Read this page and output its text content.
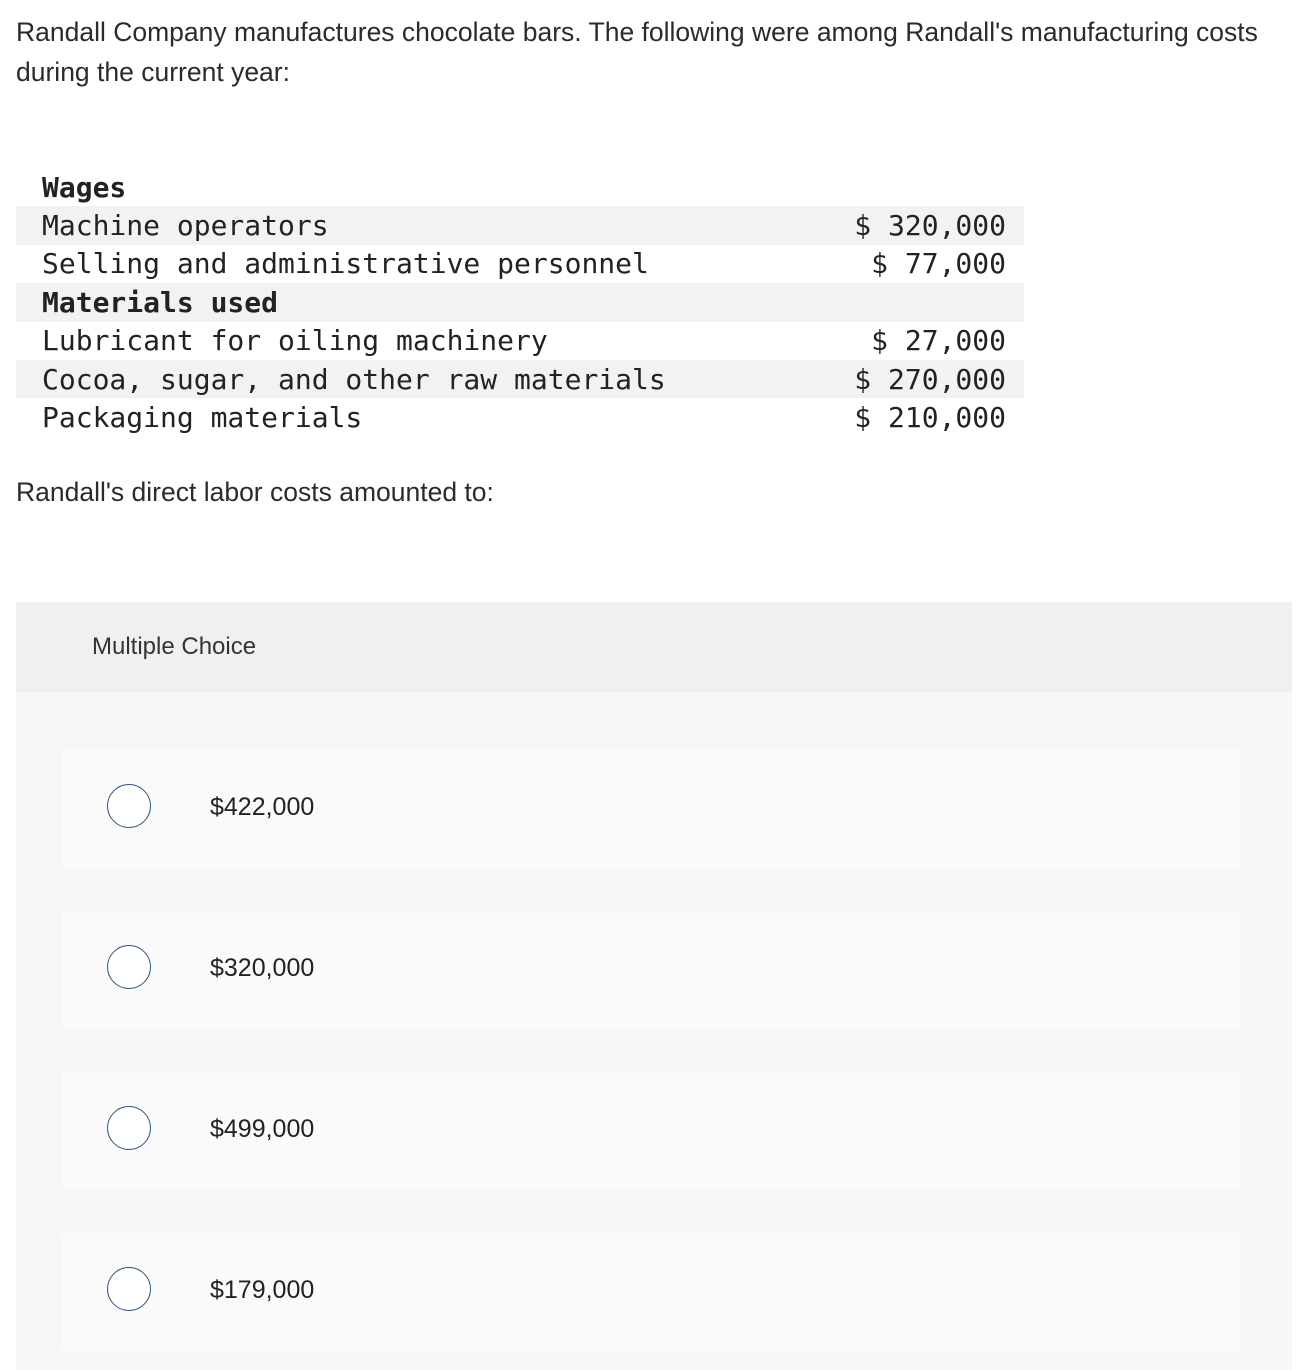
Randall Company manufactures chocolate bars. The following were among Randall's manufacturing costs during the current year:

Wages	
Machine operators	$ 320,000
Selling and administrative personnel	$ 77,000
Materials used	
Lubricant for oiling machinery	$ 27,000
Cocoa, sugar, and other raw materials	$ 270,000
Packaging materials	$ 210,000

Randall's direct labor costs amounted to:

Multiple Choice
$422,000
$320,000
$499,000
$179,000
